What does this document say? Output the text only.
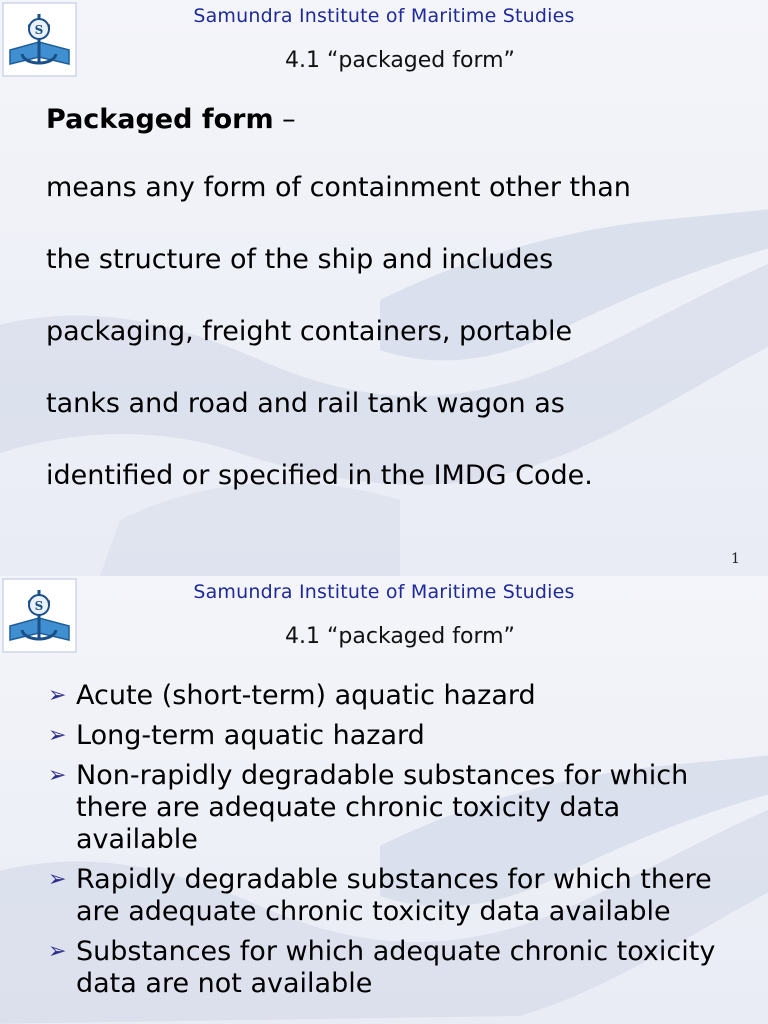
S
Samundra Institute of Maritime Studies
4.1 “packaged form”
Packaged form –
means any form of containment other than
the structure of the ship and includes
packaging, freight containers, portable
tanks and road and rail tank wagon as
identified or specified in the IMDG Code.
1
S
Samundra Institute of Maritime Studies
4.1 “packaged form”
➢ Acute (short-term) aquatic hazard
➢ Long-term aquatic hazard
➢ Non-rapidly degradable substances for which there are adequate chronic toxicity data available
➢ Rapidly degradable substances for which there are adequate chronic toxicity data available
➢ Substances for which adequate chronic toxicity data are not available
